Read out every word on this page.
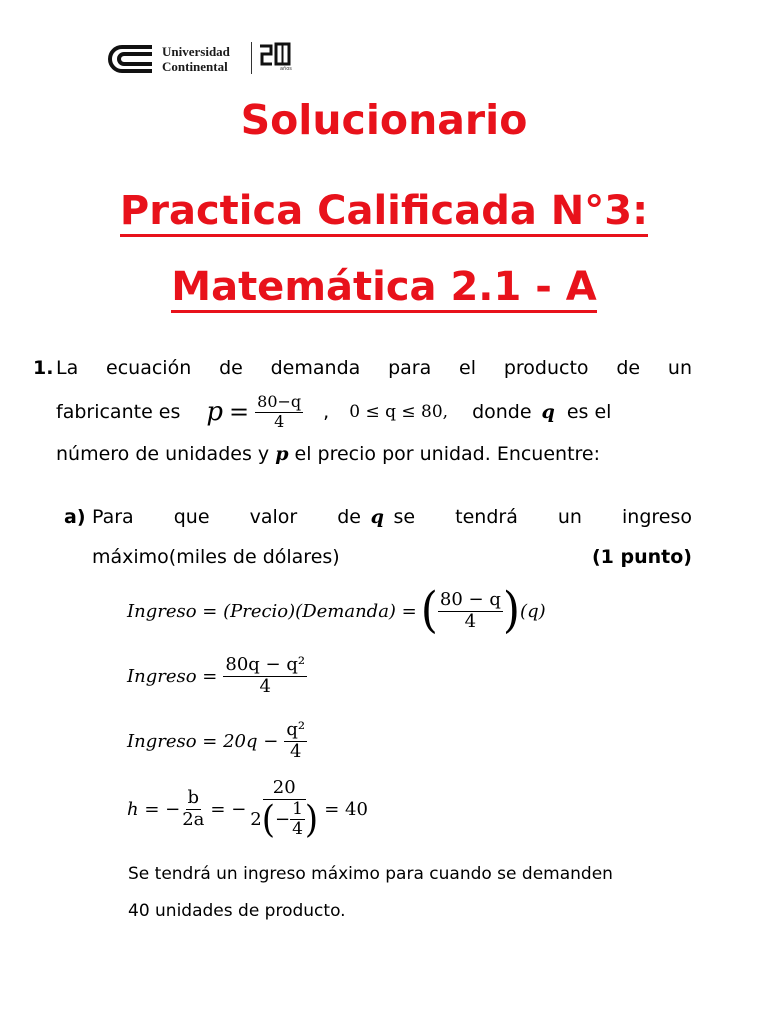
Universidad
Continental	años
Solucionario
Practica Calificada N°3:
Matemática 2.1 - A
1. La ecuación de demanda para el producto de un
fabricante es $p = \frac{80-q}{4}$ , 0 ≤ q ≤ 80, donde q es el
número de unidades y p el precio por unidad. Encuentre:
a) Para que valor de q se tendrá un ingreso
máximo(miles de dólares)	(1 punto)
Ingreso = (Precio)(Demanda) = ( $\frac{80 - q}{4}$ ) (q)
Ingreso = $\frac{\text{80q − q²}}{4}$
Ingreso = $20q - \frac{\text{q²}}{4}$
h = − $\frac{b}{2a}$ = − $\frac{20}{2 ( - \frac{1}{4} )} = 40$
Se tendrá un ingreso máximo para cuando se demanden
40 unidades de producto.
